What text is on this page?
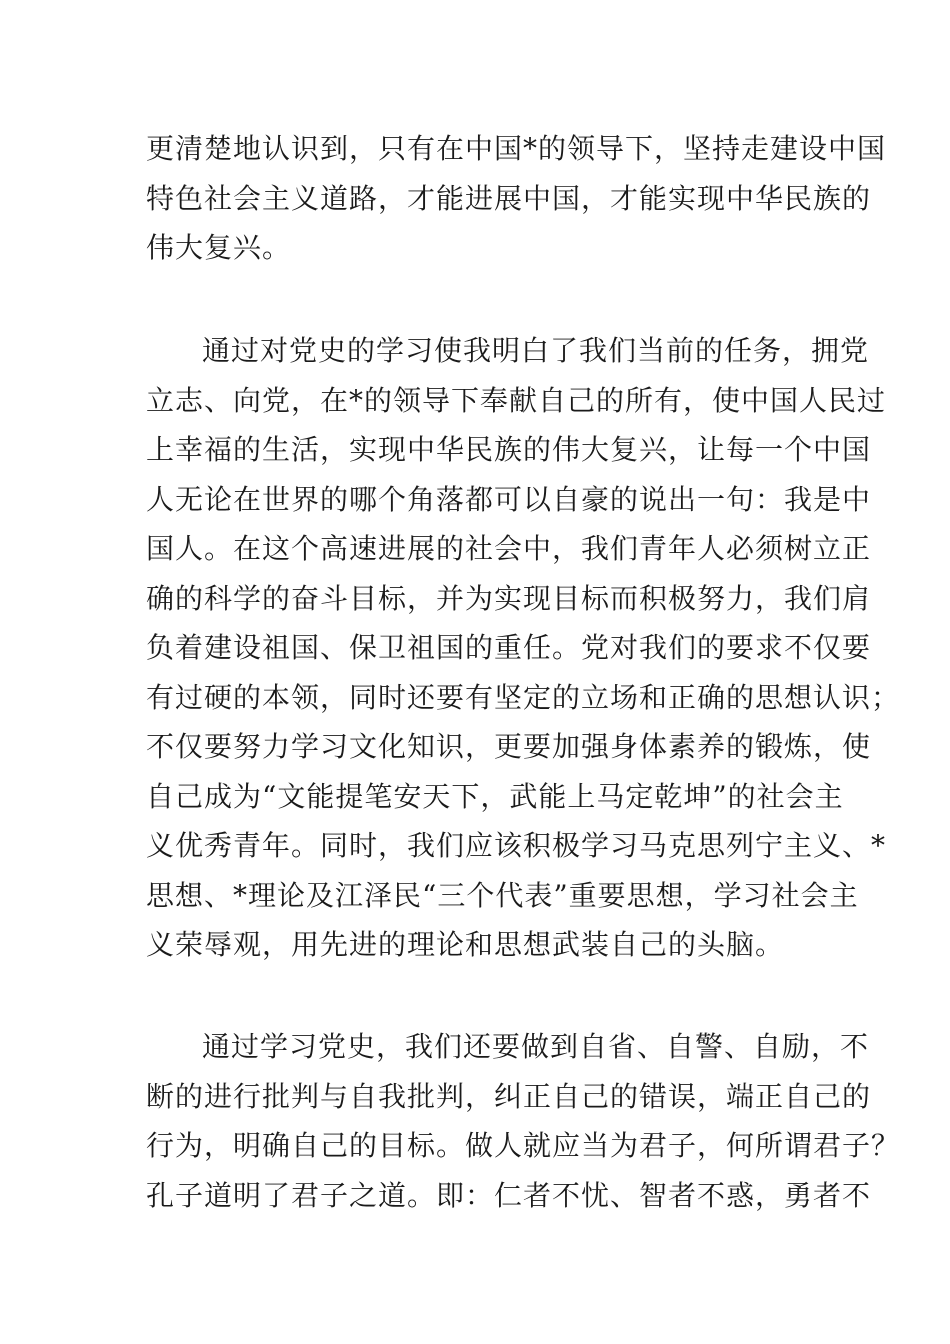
更清楚地认识到，只有在中国*的领导下，坚持走建设中国
特色社会主义道路，才能进展中国，才能实现中华民族的
伟大复兴。
通过对党史的学习使我明白了我们当前的任务，拥党
立志、向党，在*的领导下奉献自己的所有，使中国人民过
上幸福的生活，实现中华民族的伟大复兴，让每一个中国
人无论在世界的哪个角落都可以自豪的说出一句：我是中
国人。在这个高速进展的社会中，我们青年人必须树立正
确的科学的奋斗目标，并为实现目标而积极努力，我们肩
负着建设祖国、保卫祖国的重任。党对我们的要求不仅要
有过硬的本领，同时还要有坚定的立场和正确的思想认识；
不仅要努力学习文化知识，更要加强身体素养的锻炼，使
自己成为“文能提笔安天下，武能上马定乾坤”的社会主
义优秀青年。同时，我们应该积极学习马克思列宁主义、*
思想、*理论及江泽民“三个代表”重要思想，学习社会主
义荣辱观，用先进的理论和思想武装自己的头脑。
通过学习党史，我们还要做到自省、自警、自励，不
断的进行批判与自我批判，纠正自己的错误，端正自己的
行为，明确自己的目标。做人就应当为君子，何所谓君子？
孔子道明了君子之道。即：仁者不忧、智者不惑，勇者不
